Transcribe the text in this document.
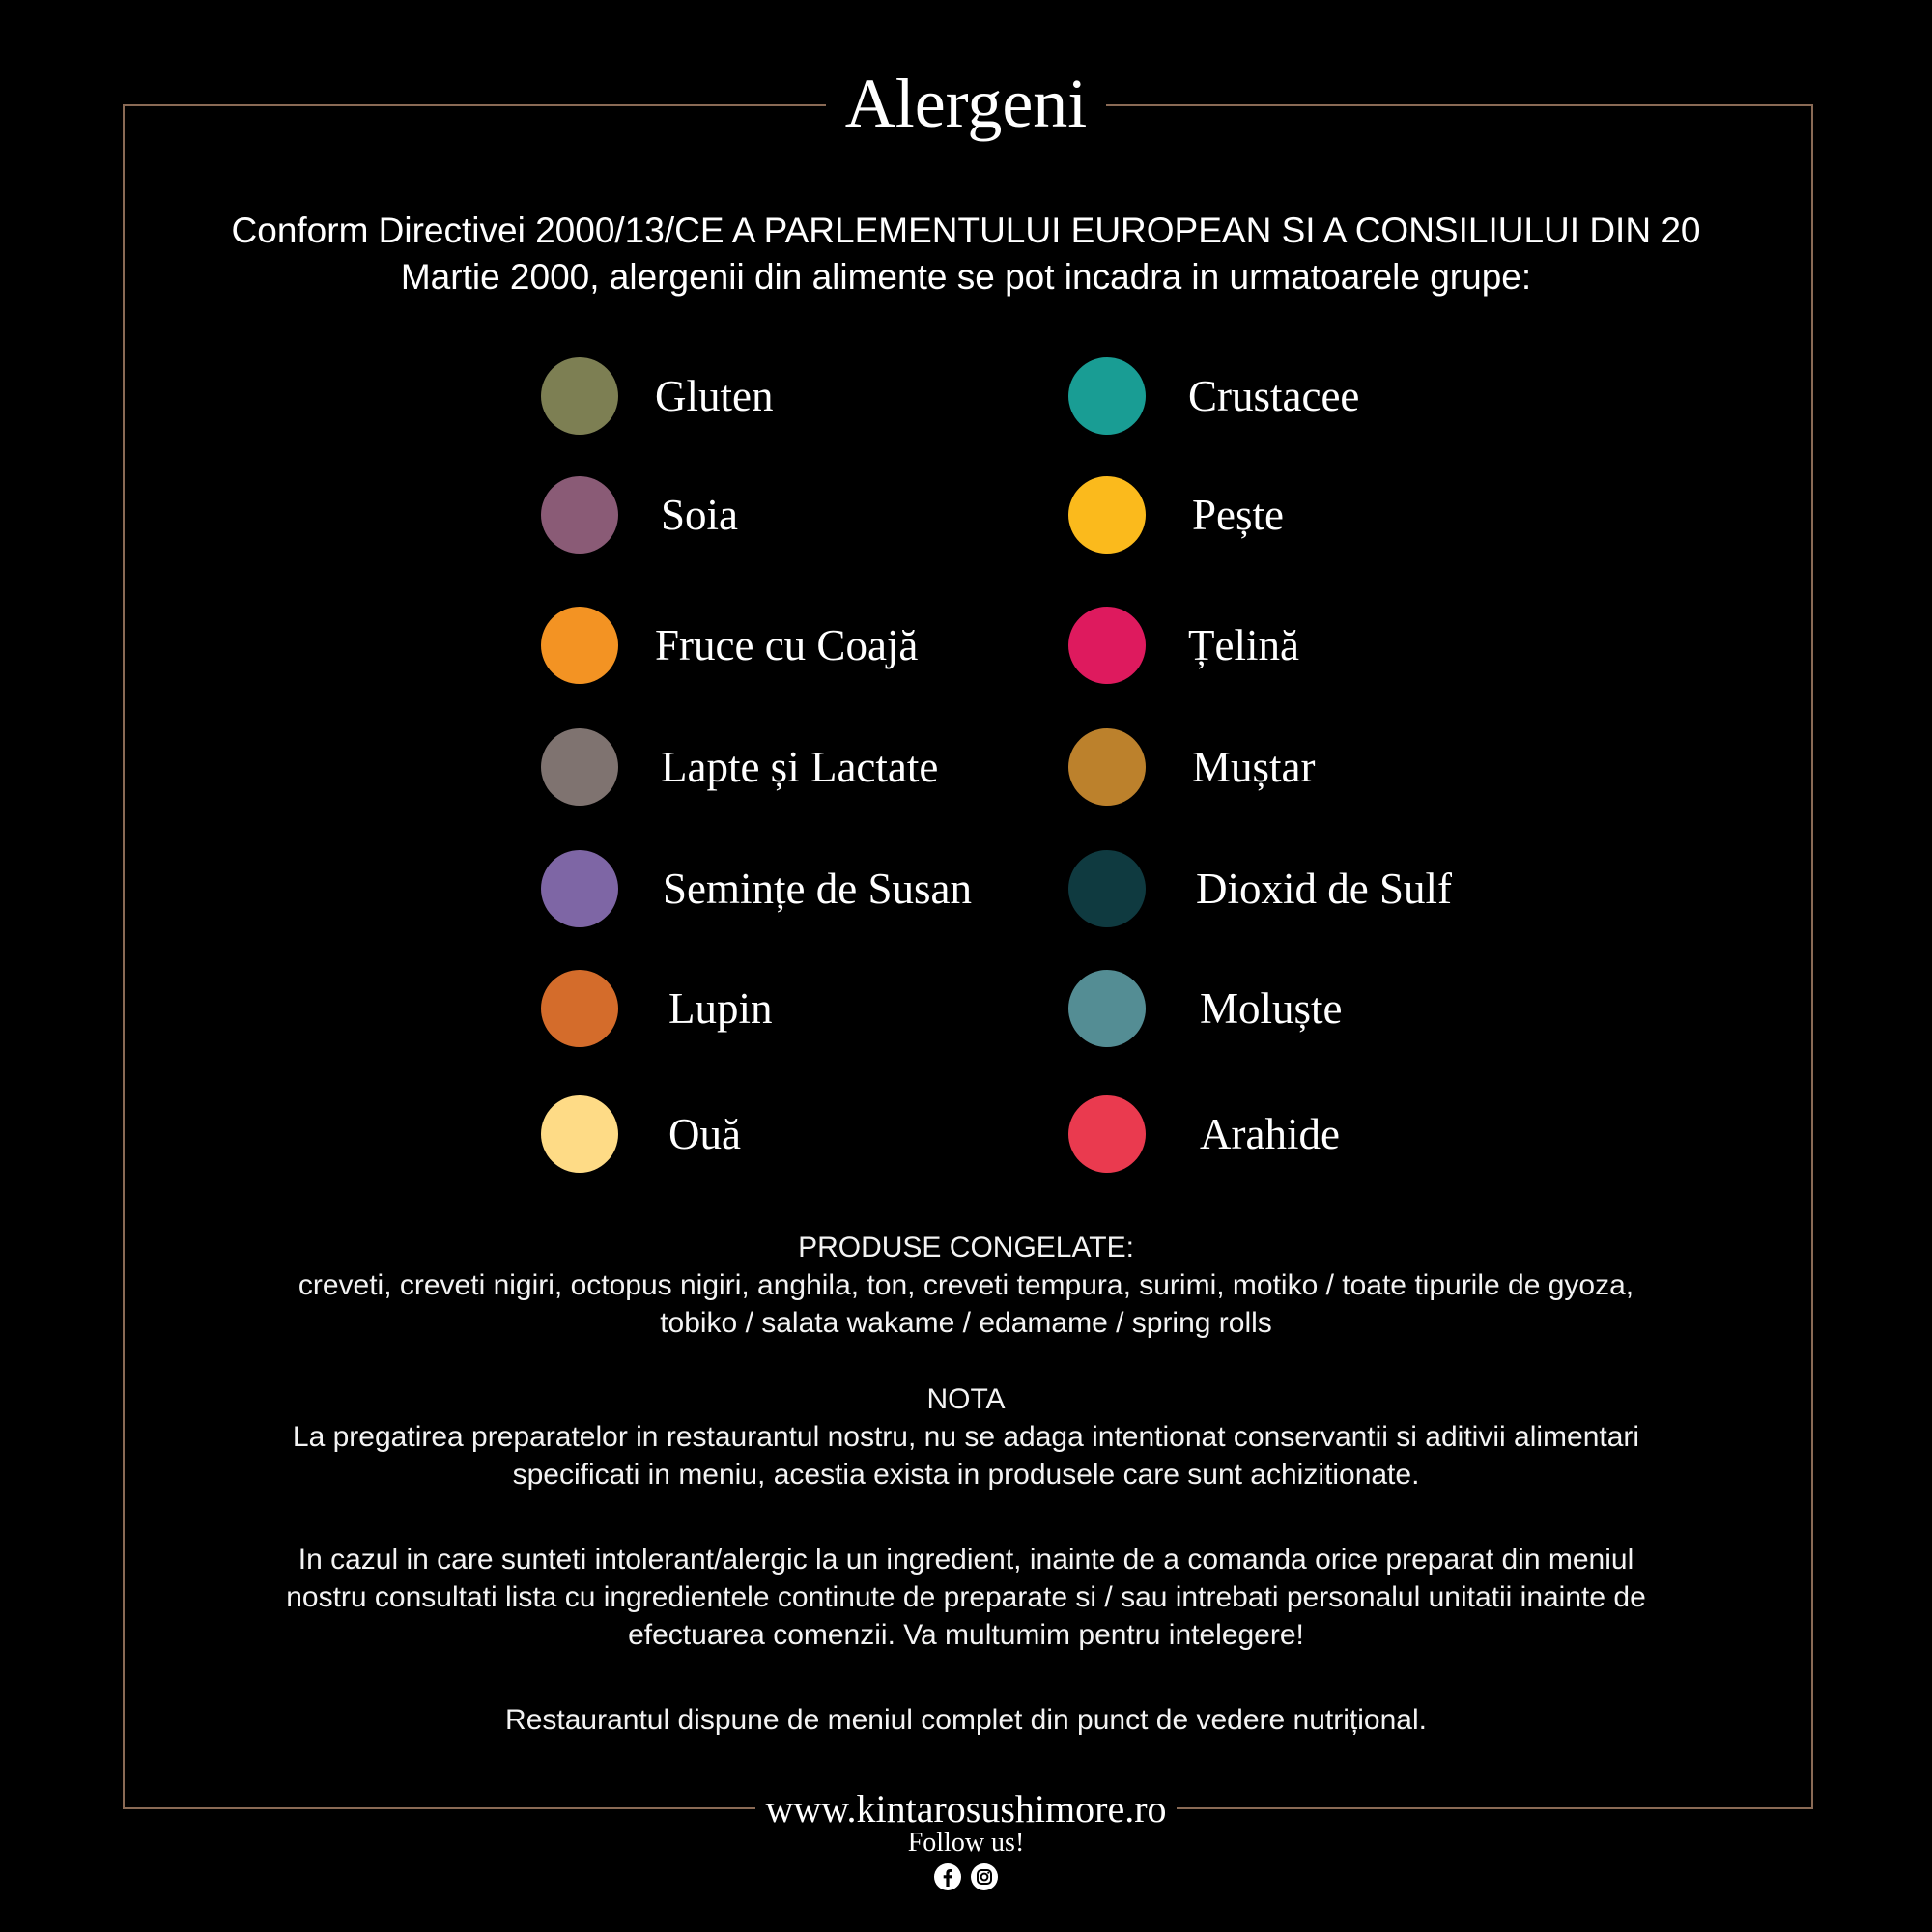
Alergeni
Conform Directivei 2000/13/CE A PARLEMENTULUI EUROPEAN SI A CONSILIULUI DIN 20
Martie 2000, alergenii din alimente se pot incadra in urmatoarele grupe:
Gluten
Soia
Fruce cu Coajă
Lapte și Lactate
Semințe de Susan
Lupin
Ouă
Crustacee
Pește
Țelină
Muștar
Dioxid de Sulf
Moluște
Arahide

PRODUSE CONGELATE:

creveti, creveti nigiri, octopus nigiri, anghila, ton, creveti tempura, surimi, motiko / toate tipurile de gyoza,

tobiko / salata wakame / edamame / spring rolls

NOTA

La pregatirea preparatelor in restaurantul nostru, nu se adaga intentionat conservantii si aditivii alimentari

specificati in meniu, acestia exista in produsele care sunt achizitionate.

In cazul in care sunteti intolerant/alergic la un ingredient, inainte de a comanda orice preparat din meniul

nostru consultati lista cu ingredientele continute de preparate si / sau intrebati personalul unitatii inainte de

efectuarea comenzii. Va multumim pentru intelegere!

Restaurantul dispune de meniul complet din punct de vedere nutrițional.

www.kintarosushimore.ro
Follow us!
